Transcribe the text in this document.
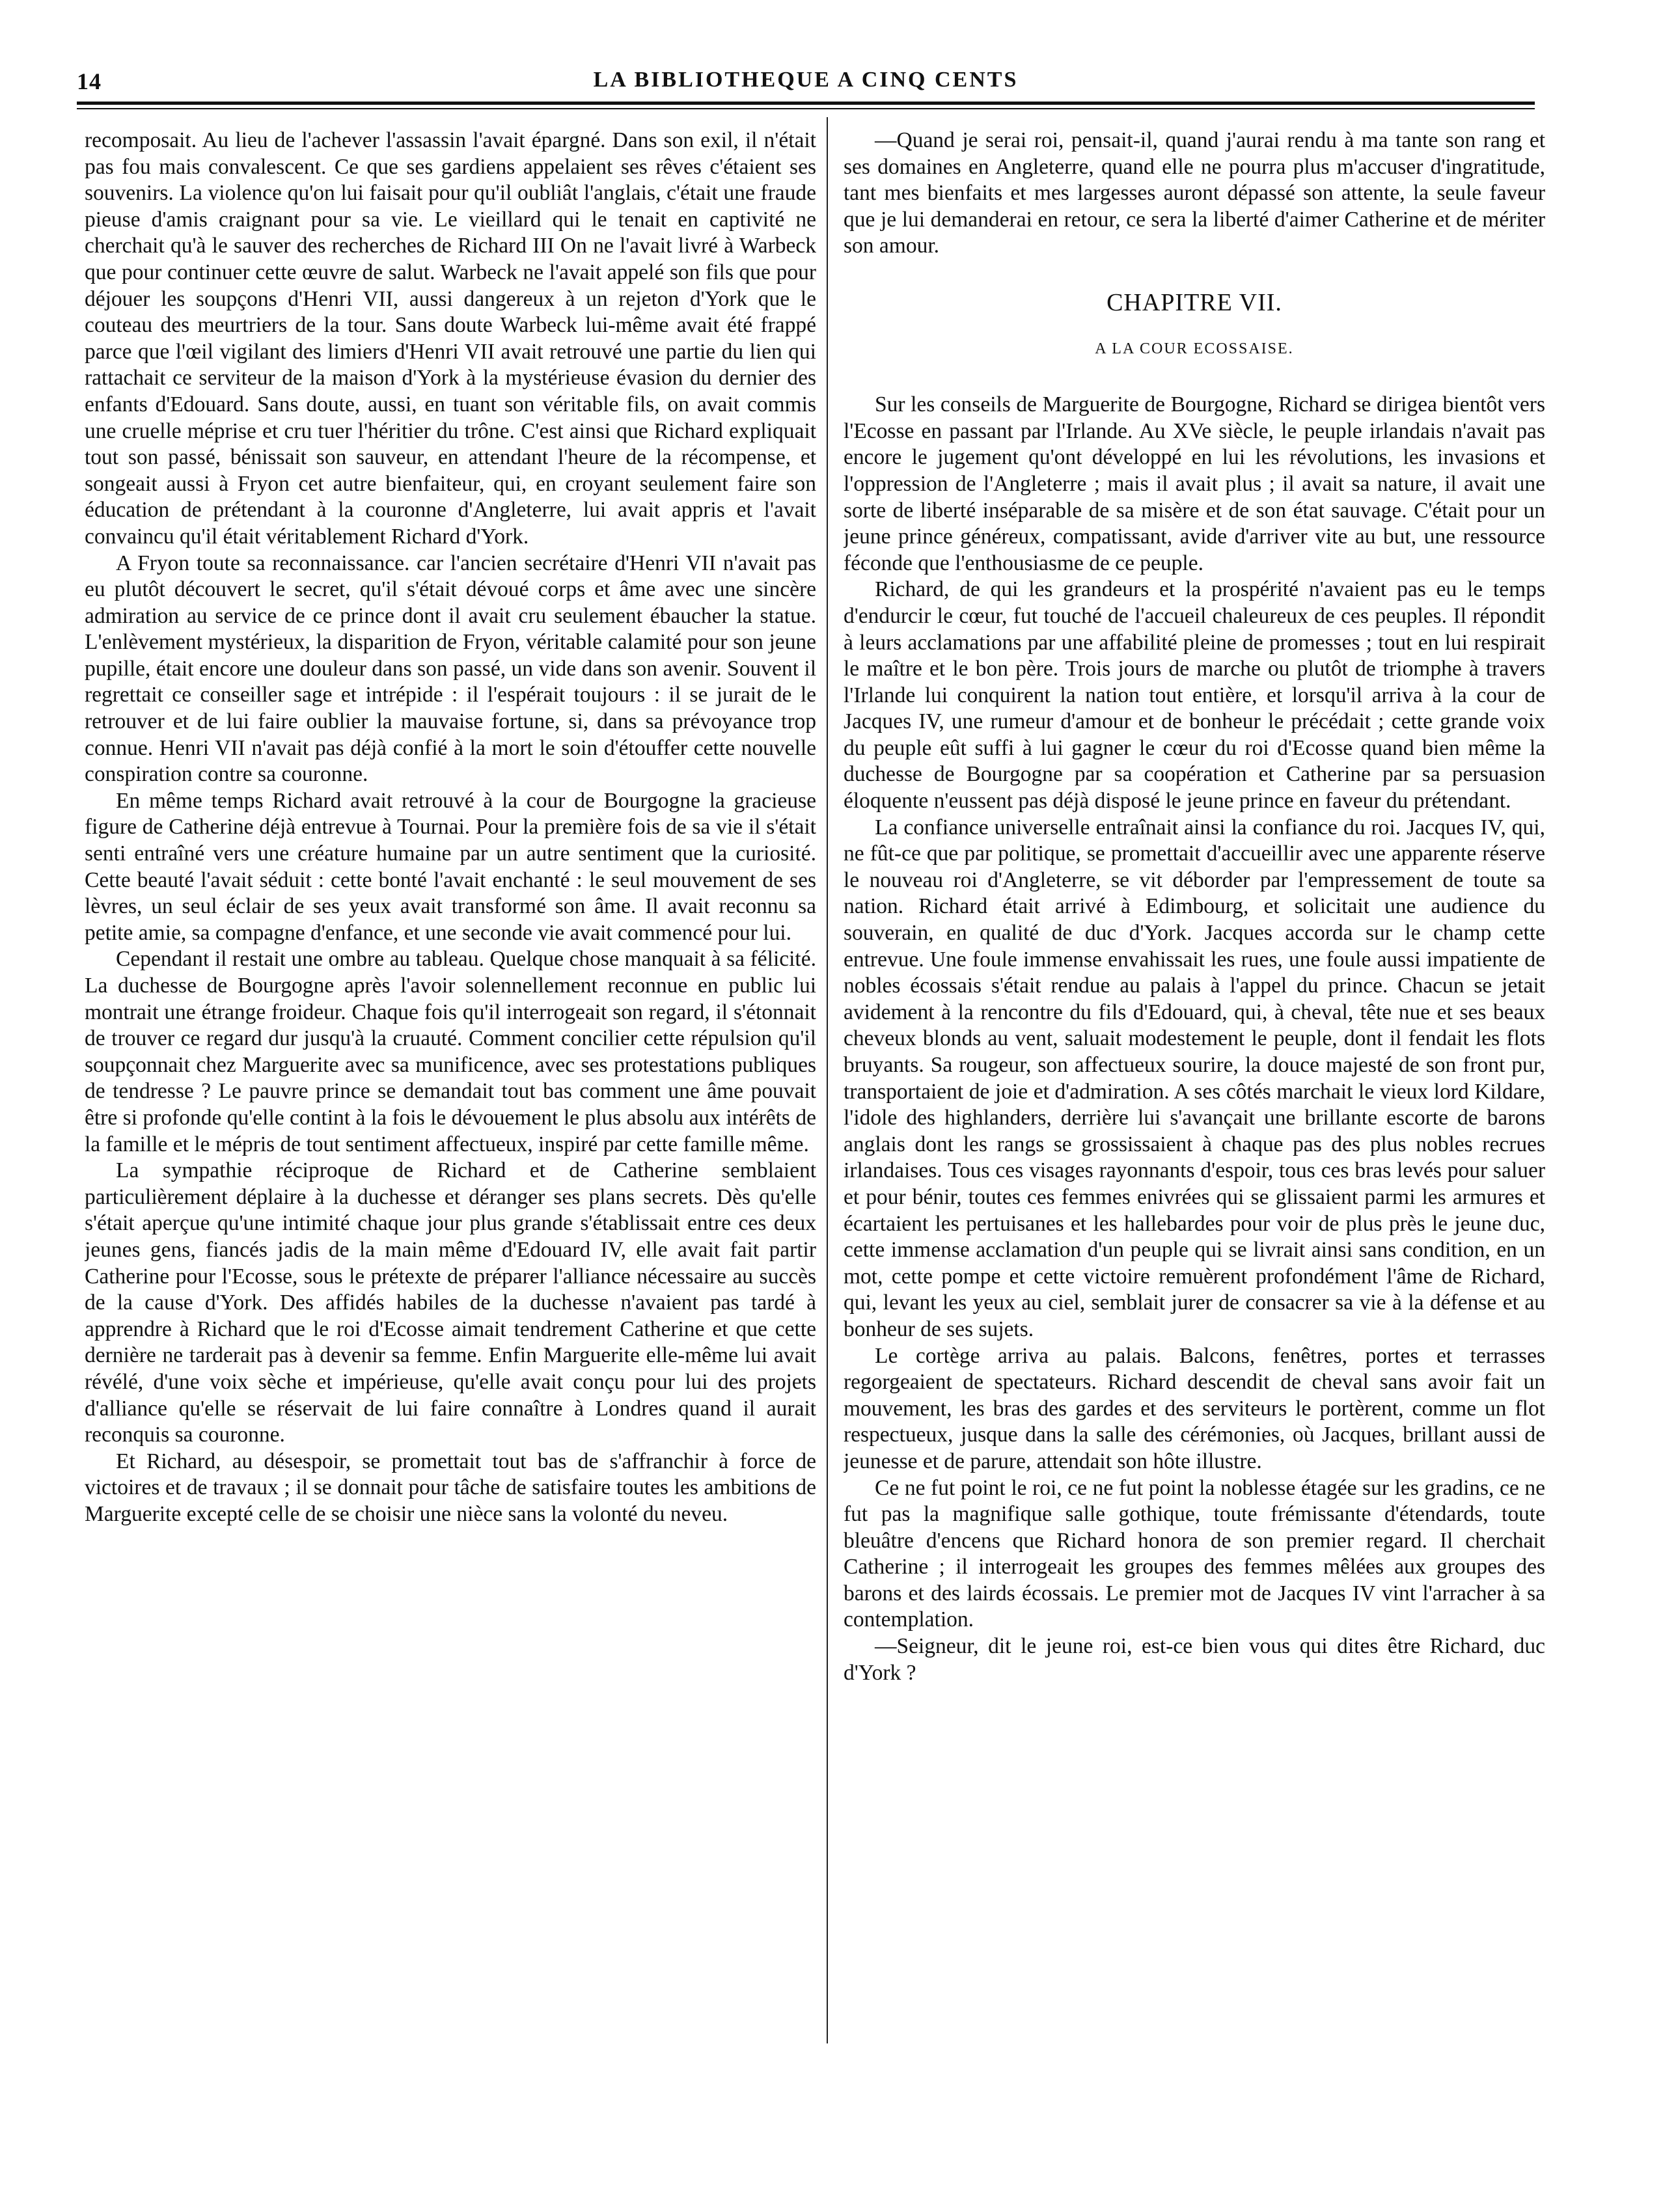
14	LA BIBLIOTHEQUE A CINQ CENTS

recomposait. Au lieu de l'achever l'assassin l'avait épargné. Dans son exil, il n'était pas fou mais convalescent. Ce que ses gardiens appelaient ses rêves c'étaient ses souvenirs. La violence qu'on lui faisait pour qu'il oubliât l'anglais, c'était une fraude pieuse d'amis craignant pour sa vie. Le vieillard qui le tenait en captivité ne cherchait qu'à le sauver des recherches de Richard III On ne l'avait livré à Warbeck que pour continuer cette œuvre de salut. Warbeck ne l'avait appelé son fils que pour déjouer les soupçons d'Henri VII, aussi dangereux à un rejeton d'York que le couteau des meurtriers de la tour. Sans doute Warbeck lui-même avait été frappé parce que l'œil vigilant des limiers d'Henri VII avait retrouvé une partie du lien qui rattachait ce serviteur de la maison d'York à la mystérieuse évasion du dernier des enfants d'Edouard. Sans doute, aussi, en tuant son véritable fils, on avait commis une cruelle méprise et cru tuer l'héritier du trône. C'est ainsi que Richard expliquait tout son passé, bénissait son sauveur, en attendant l'heure de la récompense, et songeait aussi à Fryon cet autre bienfaiteur, qui, en croyant seulement faire son éducation de prétendant à la couronne d'Angleterre, lui avait appris et l'avait convaincu qu'il était véritablement Richard d'York.

A Fryon toute sa reconnaissance. car l'ancien secrétaire d'Henri VII n'avait pas eu plutôt découvert le secret, qu'il s'était dévoué corps et âme avec une sincère admiration au service de ce prince dont il avait cru seulement ébaucher la statue. L'enlèvement mystérieux, la disparition de Fryon, véritable calamité pour son jeune pupille, était encore une douleur dans son passé, un vide dans son avenir. Souvent il regrettait ce conseiller sage et intrépide : il l'espérait toujours : il se jurait de le retrouver et de lui faire oublier la mauvaise fortune, si, dans sa prévoyance trop connue. Henri VII n'avait pas déjà confié à la mort le soin d'étouffer cette nouvelle conspiration contre sa couronne.

En même temps Richard avait retrouvé à la cour de Bourgogne la gracieuse figure de Catherine déjà entrevue à Tournai. Pour la première fois de sa vie il s'était senti entraîné vers une créature humaine par un autre sentiment que la curiosité. Cette beauté l'avait séduit : cette bonté l'avait enchanté : le seul mouvement de ses lèvres, un seul éclair de ses yeux avait transformé son âme. Il avait reconnu sa petite amie, sa compagne d'enfance, et une seconde vie avait commencé pour lui.

Cependant il restait une ombre au tableau. Quelque chose manquait à sa félicité. La duchesse de Bourgogne après l'avoir solennellement reconnue en public lui montrait une étrange froideur. Chaque fois qu'il interrogeait son regard, il s'étonnait de trouver ce regard dur jusqu'à la cruauté. Comment concilier cette répulsion qu'il soupçonnait chez Marguerite avec sa munificence, avec ses protestations publiques de tendresse ? Le pauvre prince se demandait tout bas comment une âme pouvait être si profonde qu'elle contint à la fois le dévouement le plus absolu aux intérêts de la famille et le mépris de tout sentiment affectueux, inspiré par cette famille même.

La sympathie réciproque de Richard et de Catherine semblaient particulièrement déplaire à la duchesse et déranger ses plans secrets. Dès qu'elle s'était aperçue qu'une intimité chaque jour plus grande s'établissait entre ces deux jeunes gens, fiancés jadis de la main même d'Edouard IV, elle avait fait partir Catherine pour l'Ecosse, sous le prétexte de préparer l'alliance nécessaire au succès de la cause d'York. Des affidés habiles de la duchesse n'avaient pas tardé à apprendre à Richard que le roi d'Ecosse aimait tendrement Catherine et que cette dernière ne tarderait pas à devenir sa femme. Enfin Marguerite elle-même lui avait révélé, d'une voix sèche et impérieuse, qu'elle avait conçu pour lui des projets d'alliance qu'elle se réservait de lui faire connaître à Londres quand il aurait reconquis sa couronne.

Et Richard, au désespoir, se promettait tout bas de s'affranchir à force de victoires et de travaux ; il se donnait pour tâche de satisfaire toutes les ambitions de Marguerite excepté celle de se choisir une nièce sans la volonté du neveu.

—Quand je serai roi, pensait-il, quand j'aurai rendu à ma tante son rang et ses domaines en Angleterre, quand elle ne pourra plus m'accuser d'ingratitude, tant mes bienfaits et mes largesses auront dépassé son attente, la seule faveur que je lui demanderai en retour, ce sera la liberté d'aimer Catherine et de mériter son amour.

CHAPITRE VII.
A LA COUR ECOSSAISE.

Sur les conseils de Marguerite de Bourgogne, Richard se dirigea bientôt vers l'Ecosse en passant par l'Irlande. Au XVe siècle, le peuple irlandais n'avait pas encore le jugement qu'ont développé en lui les révolutions, les invasions et l'oppression de l'Angleterre ; mais il avait plus ; il avait sa nature, il avait une sorte de liberté inséparable de sa misère et de son état sauvage. C'était pour un jeune prince généreux, compatissant, avide d'arriver vite au but, une ressource féconde que l'enthousiasme de ce peuple.

Richard, de qui les grandeurs et la prospérité n'avaient pas eu le temps d'endurcir le cœur, fut touché de l'accueil chaleureux de ces peuples. Il répondit à leurs acclamations par une affabilité pleine de promesses ; tout en lui respirait le maître et le bon père. Trois jours de marche ou plutôt de triomphe à travers l'Irlande lui conquirent la nation tout entière, et lorsqu'il arriva à la cour de Jacques IV, une rumeur d'amour et de bonheur le précédait ; cette grande voix du peuple eût suffi à lui gagner le cœur du roi d'Ecosse quand bien même la duchesse de Bourgogne par sa coopération et Catherine par sa persuasion éloquente n'eussent pas déjà disposé le jeune prince en faveur du prétendant.

La confiance universelle entraînait ainsi la confiance du roi. Jacques IV, qui, ne fût-ce que par politique, se promettait d'accueillir avec une apparente réserve le nouveau roi d'Angleterre, se vit déborder par l'empressement de toute sa nation. Richard était arrivé à Edimbourg, et solicitait une audience du souverain, en qualité de duc d'York. Jacques accorda sur le champ cette entrevue. Une foule immense envahissait les rues, une foule aussi impatiente de nobles écossais s'était rendue au palais à l'appel du prince. Chacun se jetait avidement à la rencontre du fils d'Edouard, qui, à cheval, tête nue et ses beaux cheveux blonds au vent, saluait modestement le peuple, dont il fendait les flots bruyants. Sa rougeur, son affectueux sourire, la douce majesté de son front pur, transportaient de joie et d'admiration. A ses côtés marchait le vieux lord Kildare, l'idole des highlanders, derrière lui s'avançait une brillante escorte de barons anglais dont les rangs se grossissaient à chaque pas des plus nobles recrues irlandaises. Tous ces visages rayonnants d'espoir, tous ces bras levés pour saluer et pour bénir, toutes ces femmes enivrées qui se glissaient parmi les armures et écartaient les pertuisanes et les hallebardes pour voir de plus près le jeune duc, cette immense acclamation d'un peuple qui se livrait ainsi sans condition, en un mot, cette pompe et cette victoire remuèrent profondément l'âme de Richard, qui, levant les yeux au ciel, semblait jurer de consacrer sa vie à la défense et au bonheur de ses sujets.

Le cortège arriva au palais. Balcons, fenêtres, portes et terrasses regorgeaient de spectateurs. Richard descendit de cheval sans avoir fait un mouvement, les bras des gardes et des serviteurs le portèrent, comme un flot respectueux, jusque dans la salle des cérémonies, où Jacques, brillant aussi de jeunesse et de parure, attendait son hôte illustre.

Ce ne fut point le roi, ce ne fut point la noblesse étagée sur les gradins, ce ne fut pas la magnifique salle gothique, toute frémissante d'étendards, toute bleuâtre d'encens que Richard honora de son premier regard. Il cherchait Catherine ; il interrogeait les groupes des femmes mêlées aux groupes des barons et des lairds écossais. Le premier mot de Jacques IV vint l'arracher à sa contemplation.

—Seigneur, dit le jeune roi, est-ce bien vous qui dites être Richard, duc d'York ?
